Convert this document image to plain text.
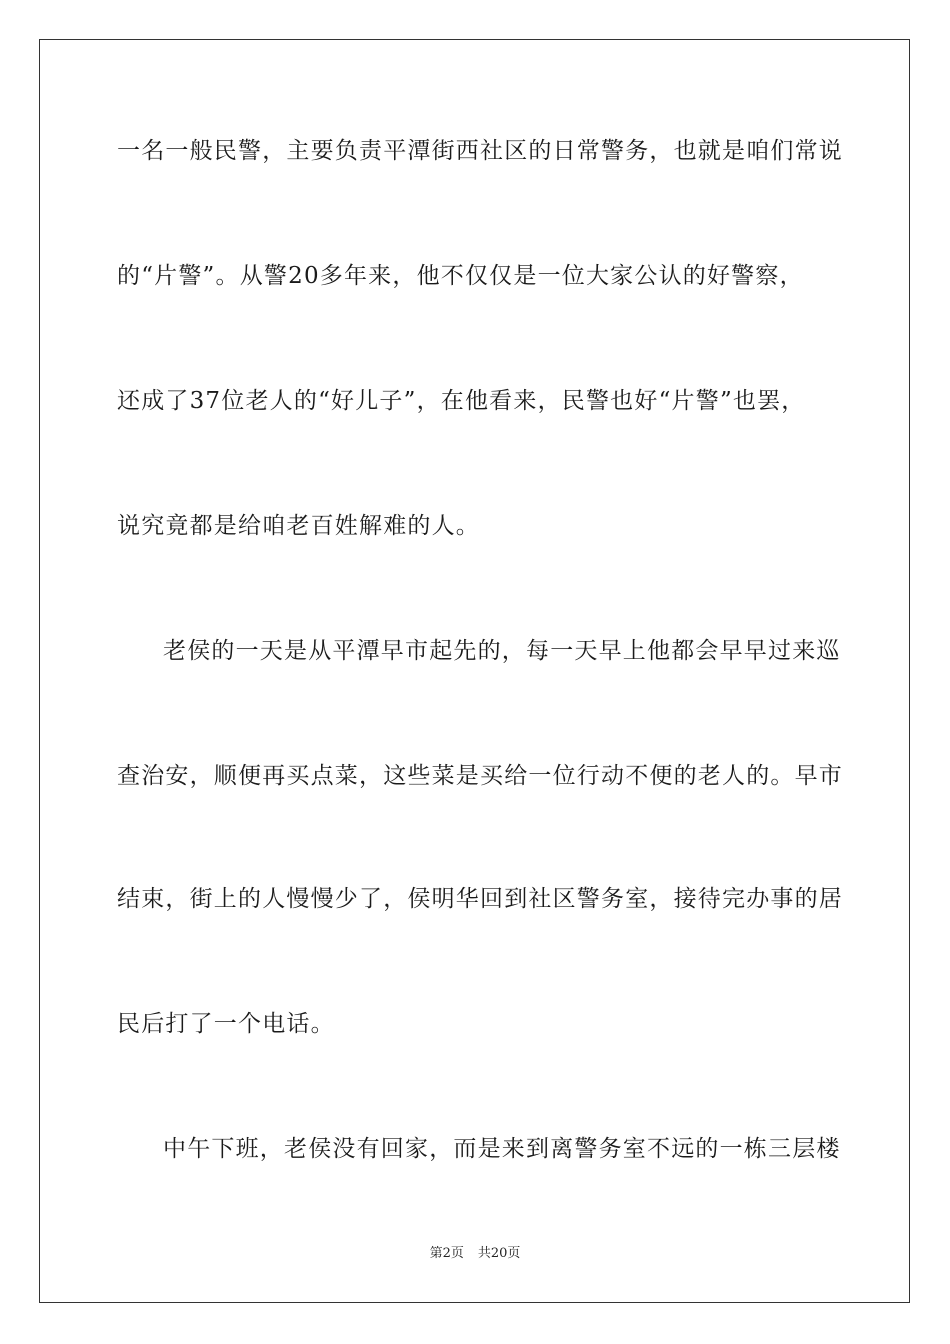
一名一般民警，主要负责平潭街西社区的日常警务，也就是咱们常说
的“片警”。从警20多年来，他不仅仅是一位大家公认的好警察，
还成了37位老人的“好儿子”，在他看来，民警也好“片警”也罢，
说究竟都是给咱老百姓解难的人。
老侯的一天是从平潭早市起先的，每一天早上他都会早早过来巡
查治安，顺便再买点菜，这些菜是买给一位行动不便的老人的。早市
结束，街上的人慢慢少了，侯明华回到社区警务室，接待完办事的居
民后打了一个电话。
中午下班，老侯没有回家，而是来到离警务室不远的一栋三层楼
第2页 共20页
